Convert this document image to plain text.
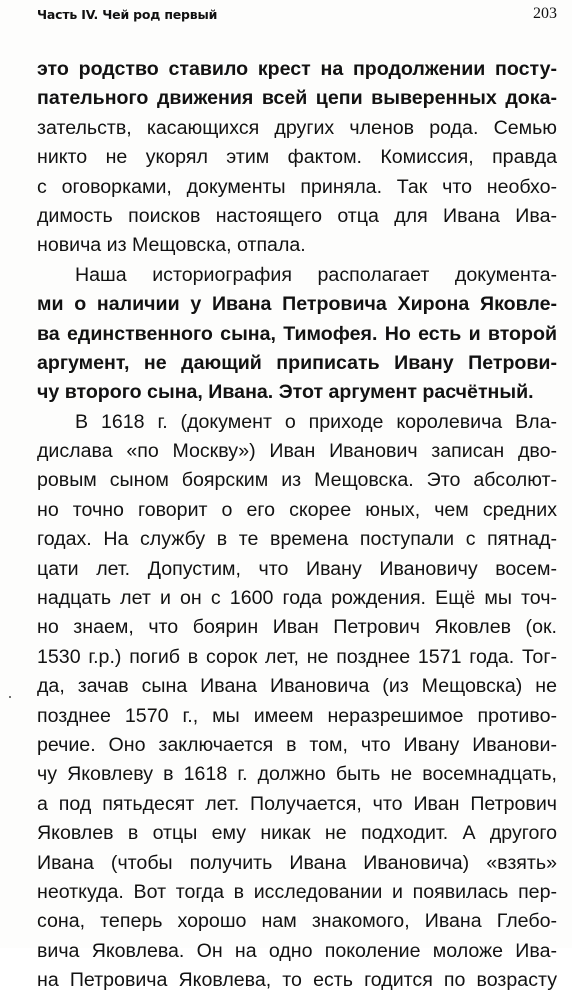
Часть IV. Чей род первый	203
это родство ставило крест на продолжении посту-
пательного движения всей цепи выверенных дока-
зательств, касающихся других членов рода. Семью
никто не укорял этим фактом. Комиссия, правда
с оговорками, документы приняла. Так что необхо-
димость поисков настоящего отца для Ивана Ива-
новича из Мещовска, отпала.
Наша историография располагает документа-
ми о наличии у Ивана Петровича Хирона Яковле-
ва единственного сына, Тимофея. Но есть и второй
аргумент, не дающий приписать Ивану Петрови-
чу второго сына, Ивана. Этот аргумент расчётный.
В 1618 г. (документ о приходе королевича Вла-
дислава «по Москву») Иван Иванович записан дво-
ровым сыном боярским из Мещовска. Это абсолют-
но точно говорит о его скорее юных, чем средних
годах. На службу в те времена поступали с пятнад-
цати лет. Допустим, что Ивану Ивановичу восем-
надцать лет и он с 1600 года рождения. Ещё мы точ-
но знаем, что боярин Иван Петрович Яковлев (ок.
1530 г.р.) погиб в сорок лет, не позднее 1571 года. Тог-
да, зачав сына Ивана Ивановича (из Мещовска) не
позднее 1570 г., мы имеем неразрешимое противо-
речие. Оно заключается в том, что Ивану Иванови-
чу Яковлеву в 1618 г. должно быть не восемнадцать,
а под пятьдесят лет. Получается, что Иван Петрович
Яковлев в отцы ему никак не подходит. А другого
Ивана (чтобы получить Ивана Ивановича) «взять»
неоткуда. Вот тогда в исследовании и появилась пер-
сона, теперь хорошо нам знакомого, Ивана Глебо-
вича Яковлева. Он на одно поколение моложе Ива-
на Петровича Яковлева, то есть годится по возрасту
